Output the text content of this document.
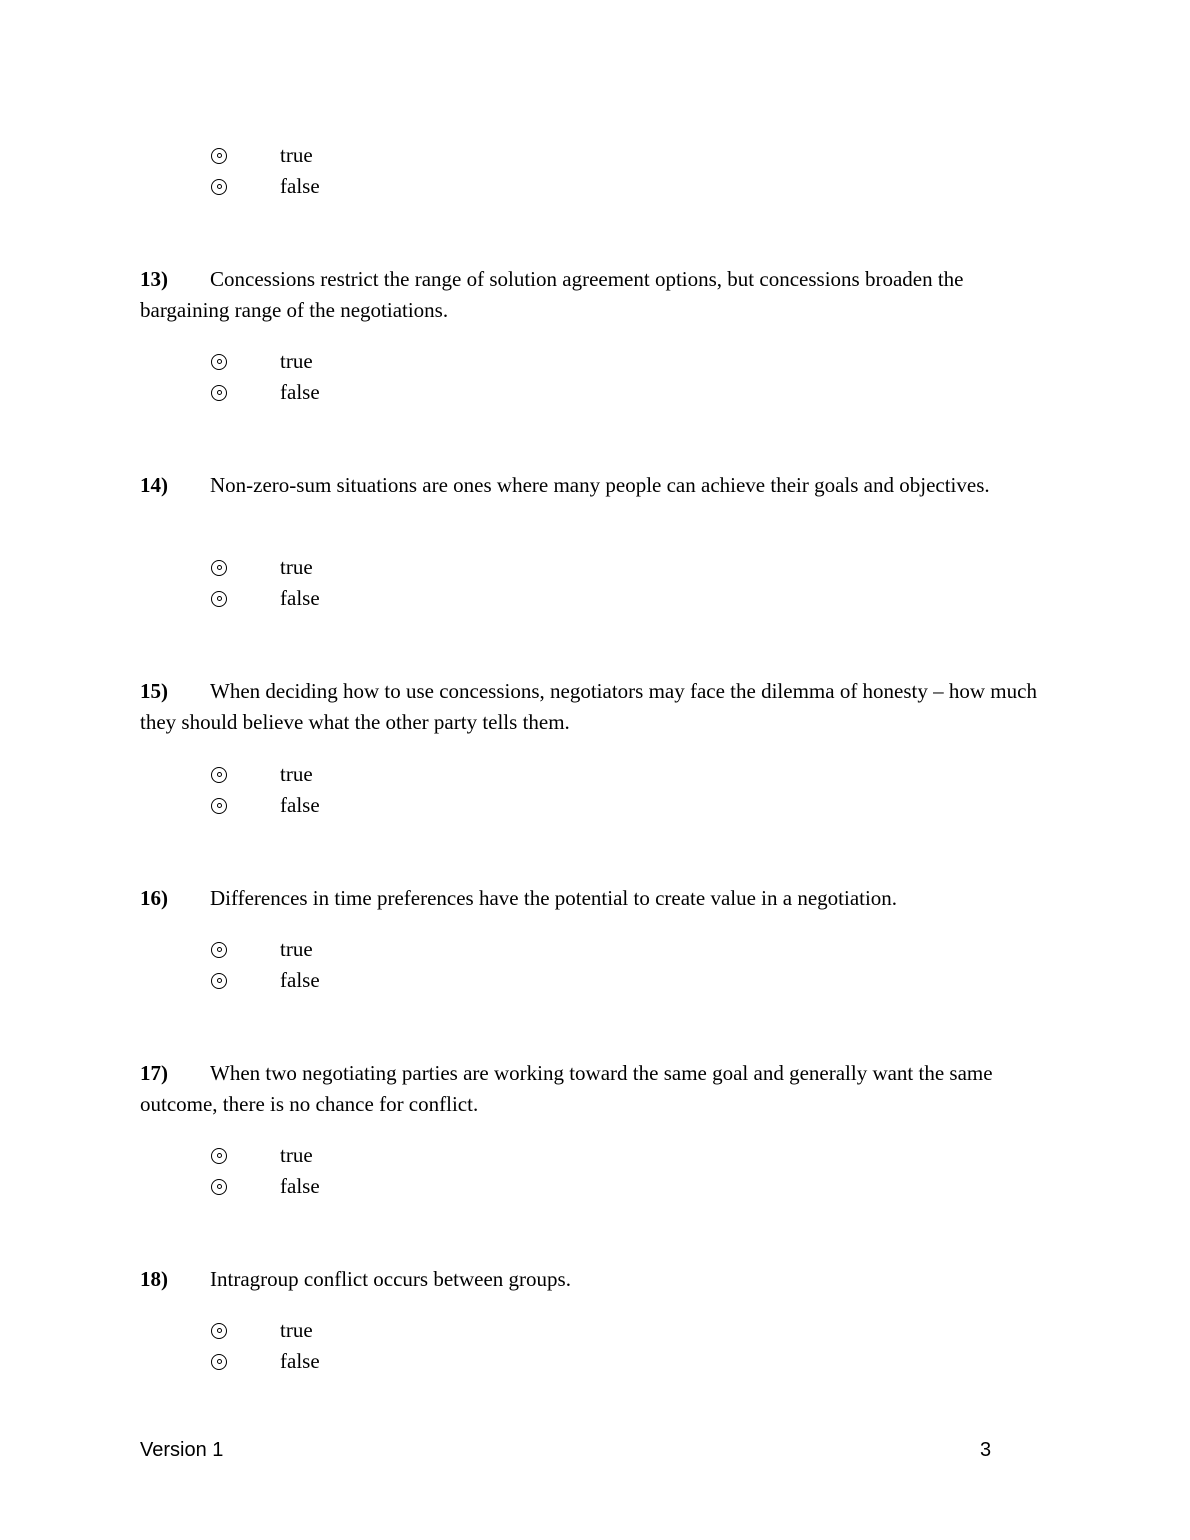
true
false
13) Concessions restrict the range of solution agreement options, but concessions broaden the bargaining range of the negotiations.
true
false
14) Non-zero-sum situations are ones where many people can achieve their goals and objectives.
true
false
15) When deciding how to use concessions, negotiators may face the dilemma of honesty – how much they should believe what the other party tells them.
true
false
16) Differences in time preferences have the potential to create value in a negotiation.
true
false
17) When two negotiating parties are working toward the same goal and generally want the same outcome, there is no chance for conflict.
true
false
18) Intragroup conflict occurs between groups.
true
false
Version 1	3
